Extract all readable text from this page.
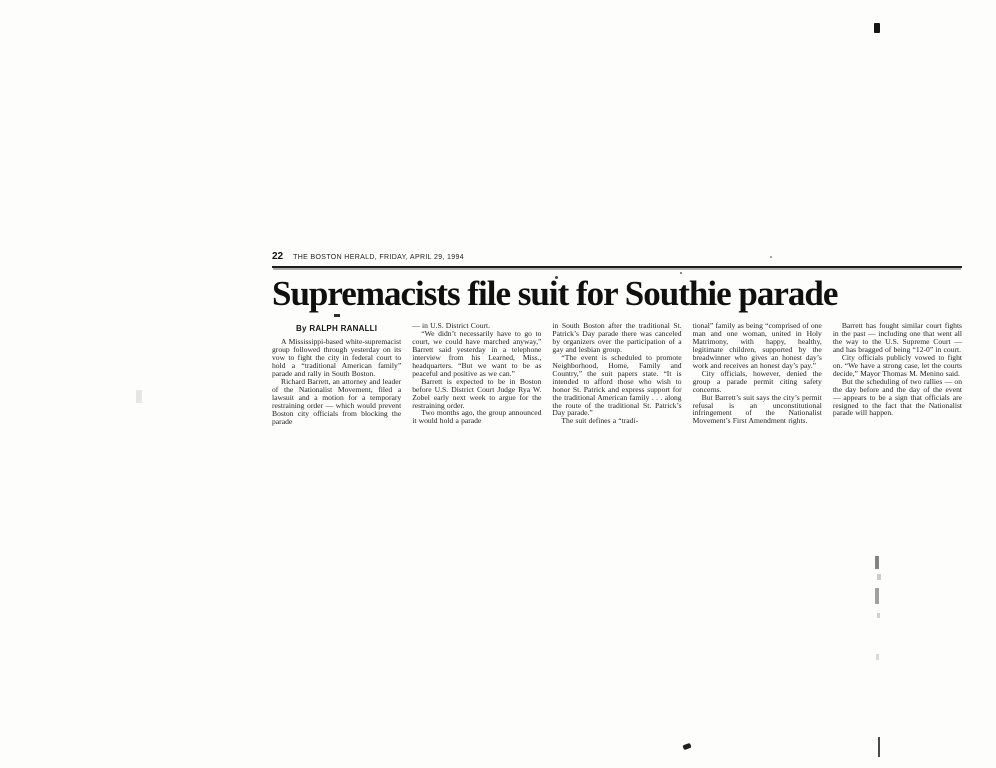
22 THE BOSTON HERALD, FRIDAY, APRIL 29, 1994
Supremacists file suit for Southie parade
By RALPH RANALLI

A Mississippi-based white-supremacist group followed through yesterday on its vow to fight the city in federal court to hold a “traditional American family” parade and rally in South Boston.

Richard Barrett, an attorney and leader of the Nationalist Movement, filed a lawsuit and a motion for a temporary restraining order — which would prevent Boston city officials from blocking the parade

— in U.S. District Court.

“We didn’t necessarily have to go to court, we could have marched anyway,” Barrett said yesterday in a telephone interview from his Learned, Miss., headquarters. “But we want to be as peaceful and positive as we can.”

Barrett is expected to be in Boston before U.S. District Court Judge Rya W. Zobel early next week to argue for the restraining order.

Two months ago, the group announced it would hold a parade

in South Boston after the traditional St. Patrick’s Day parade there was canceled by organizers over the participation of a gay and lesbian group.

“The event is scheduled to promote Neighborhood, Home, Family and Country,” the suit papers state. “It is intended to afford those who wish to honor St. Patrick and express support for the traditional American family . . . along the route of the traditional St. Patrick’s Day parade.”

The suit defines a “tradi-

tional” family as being “comprised of one man and one woman, united in Holy Matrimony, with happy, healthy, legitimate children, supported by the breadwinner who gives an honest day’s work and receives an honest day’s pay.”

City officials, however, denied the group a parade permit citing safety concerns.

But Barrett’s suit says the city’s permit refusal is an unconstitutional infringement of the Nationalist Movement’s First Amendment rights.

Barrett has fought similar court fights in the past — including one that went all the way to the U.S. Supreme Court — and has bragged of being “12-0” in court.

City officials publicly vowed to fight on. “We have a strong case, let the courts decide,” Mayor Thomas M. Menino said.

But the scheduling of two rallies — on the day before and the day of the event — appears to be a sign that officials are resigned to the fact that the Nationalist parade will happen.
